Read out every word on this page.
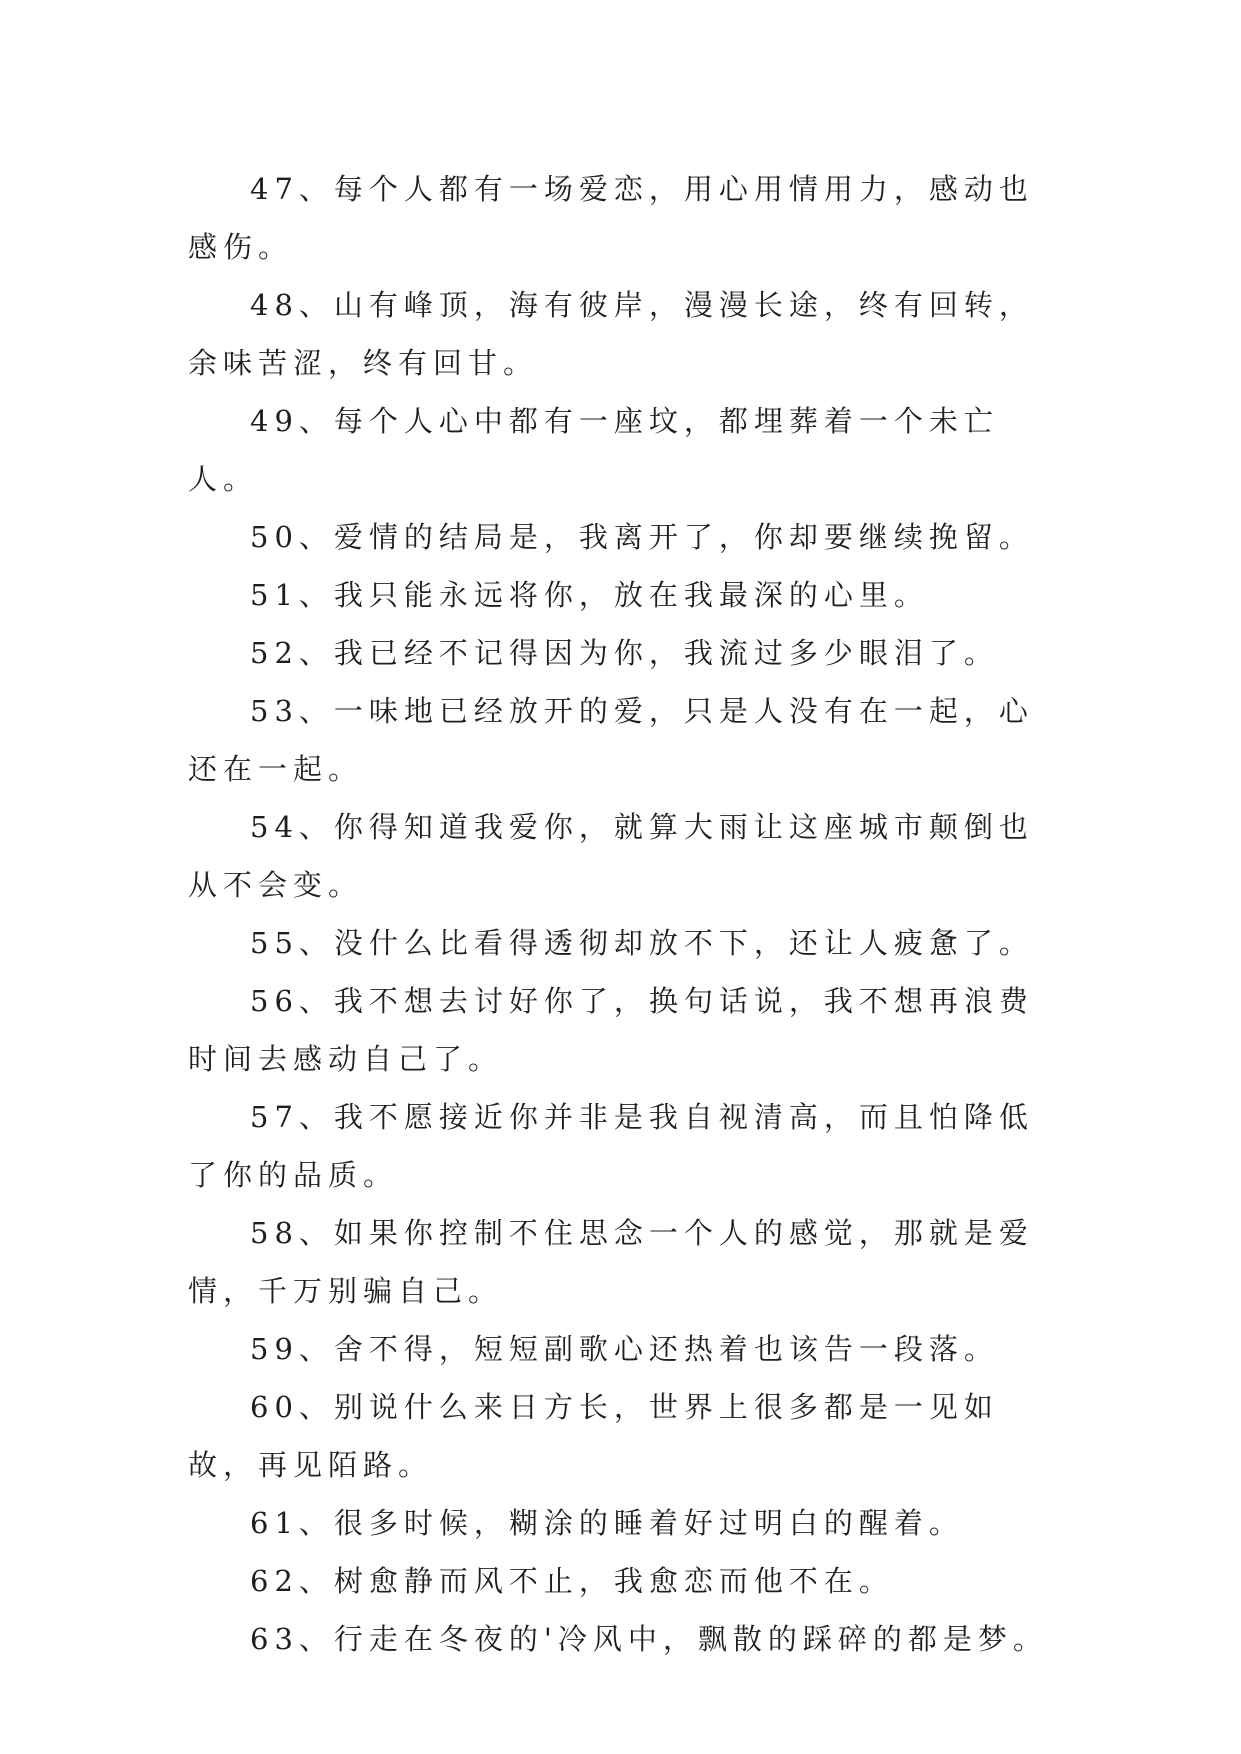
47、每个人都有一场爱恋，用心用情用力，感动也感伤。

48、山有峰顶，海有彼岸，漫漫长途，终有回转，余味苦涩，终有回甘。

49、每个人心中都有一座坟，都埋葬着一个未亡人。

50、爱情的结局是，我离开了，你却要继续挽留。

51、我只能永远将你，放在我最深的心里。

52、我已经不记得因为你，我流过多少眼泪了。

53、一味地已经放开的爱，只是人没有在一起，心还在一起。

54、你得知道我爱你，就算大雨让这座城市颠倒也从不会变。

55、没什么比看得透彻却放不下，还让人疲惫了。

56、我不想去讨好你了，换句话说，我不想再浪费时间去感动自己了。

57、我不愿接近你并非是我自视清高，而且怕降低了你的品质。

58、如果你控制不住思念一个人的感觉，那就是爱情，千万别骗自己。

59、舍不得，短短副歌心还热着也该告一段落。

60、别说什么来日方长，世界上很多都是一见如故，再见陌路。

61、很多时候，糊涂的睡着好过明白的醒着。

62、树愈静而风不止，我愈恋而他不在。

63、行走在冬夜的'冷风中，飘散的踩碎的都是梦。
